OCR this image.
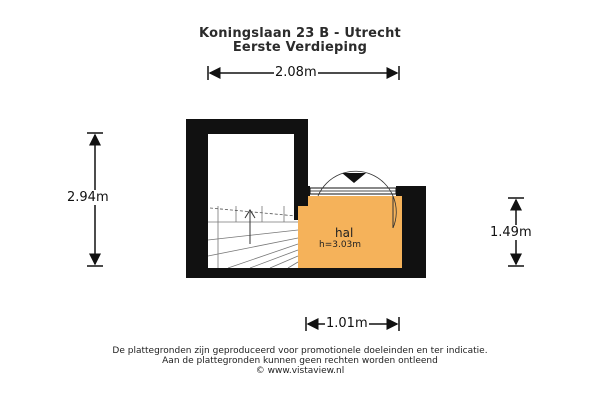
Koningslaan 23 B - Utrecht
Eerste Verdieping
2.08m
2.94m
1.49m
1.01m
hal
h=3.03m
De plattegronden zijn geproduceerd voor promotionele doeleinden en ter indicatie.
Aan de plattegronden kunnen geen rechten worden ontleend
© www.vistaview.nl
